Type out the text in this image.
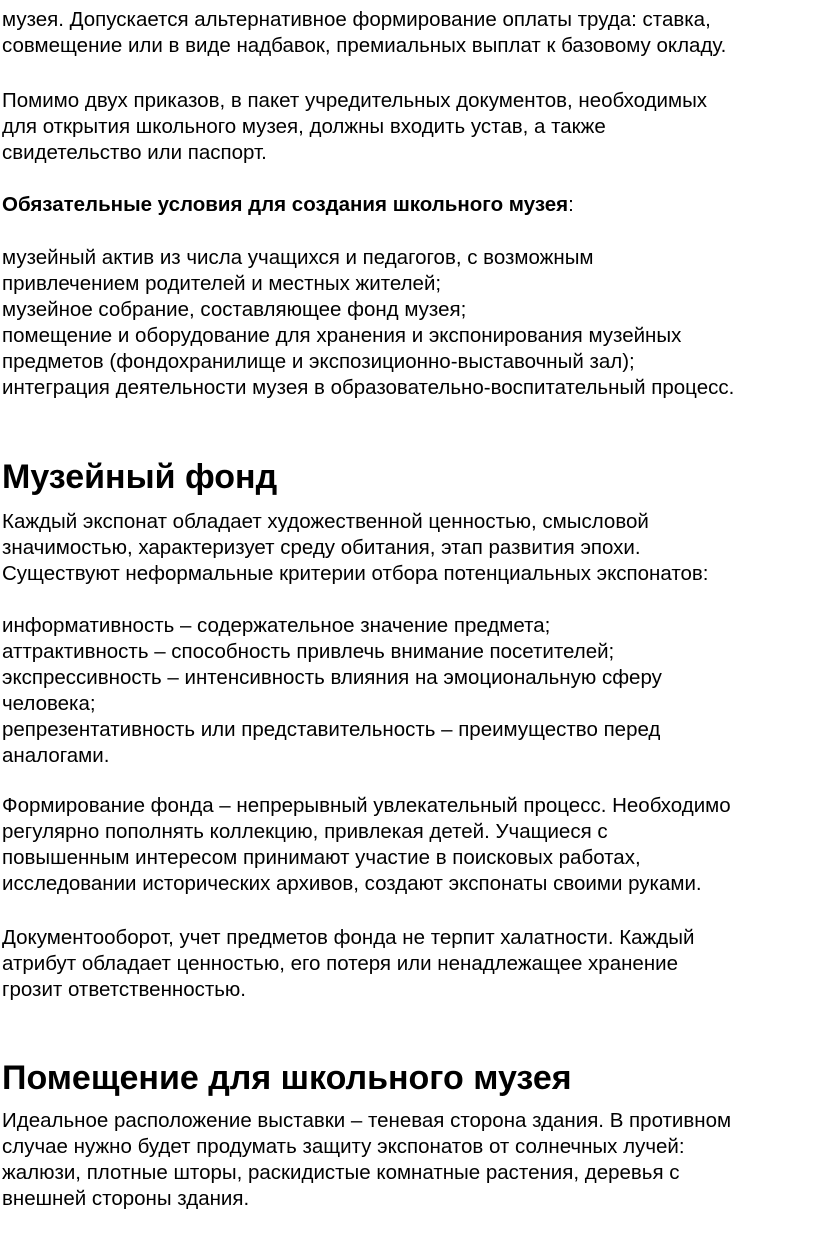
музея. Допускается альтернативное формирование оплаты труда: ставка,
совмещение или в виде надбавок, премиальных выплат к базовому окладу.
Помимо двух приказов, в пакет учредительных документов, необходимых
для открытия школьного музея, должны входить устав, а также
свидетельство или паспорт.
Обязательные условия для создания школьного музея:
музейный актив из числа учащихся и педагогов, с возможным
привлечением родителей и местных жителей;
музейное собрание, составляющее фонд музея;
помещение и оборудование для хранения и экспонирования музейных
предметов (фондохранилище и экспозиционно-выставочный зал);
интеграция деятельности музея в образовательно-воспитательный процесс.
Музейный фонд
Каждый экспонат обладает художественной ценностью, смысловой
значимостью, характеризует среду обитания, этап развития эпохи.
Существуют неформальные критерии отбора потенциальных экспонатов:
информативность – содержательное значение предмета;
аттрактивность – способность привлечь внимание посетителей;
экспрессивность – интенсивность влияния на эмоциональную сферу
человека;
репрезентативность или представительность – преимущество перед
аналогами.
Формирование фонда – непрерывный увлекательный процесс. Необходимо
регулярно пополнять коллекцию, привлекая детей. Учащиеся с
повышенным интересом принимают участие в поисковых работах,
исследовании исторических архивов, создают экспонаты своими руками.
Документооборот, учет предметов фонда не терпит халатности. Каждый
атрибут обладает ценностью, его потеря или ненадлежащее хранение
грозит ответственностью.
Помещение для школьного музея
Идеальное расположение выставки – теневая сторона здания. В противном
случае нужно будет продумать защиту экспонатов от солнечных лучей:
жалюзи, плотные шторы, раскидистые комнатные растения, деревья с
внешней стороны здания.
